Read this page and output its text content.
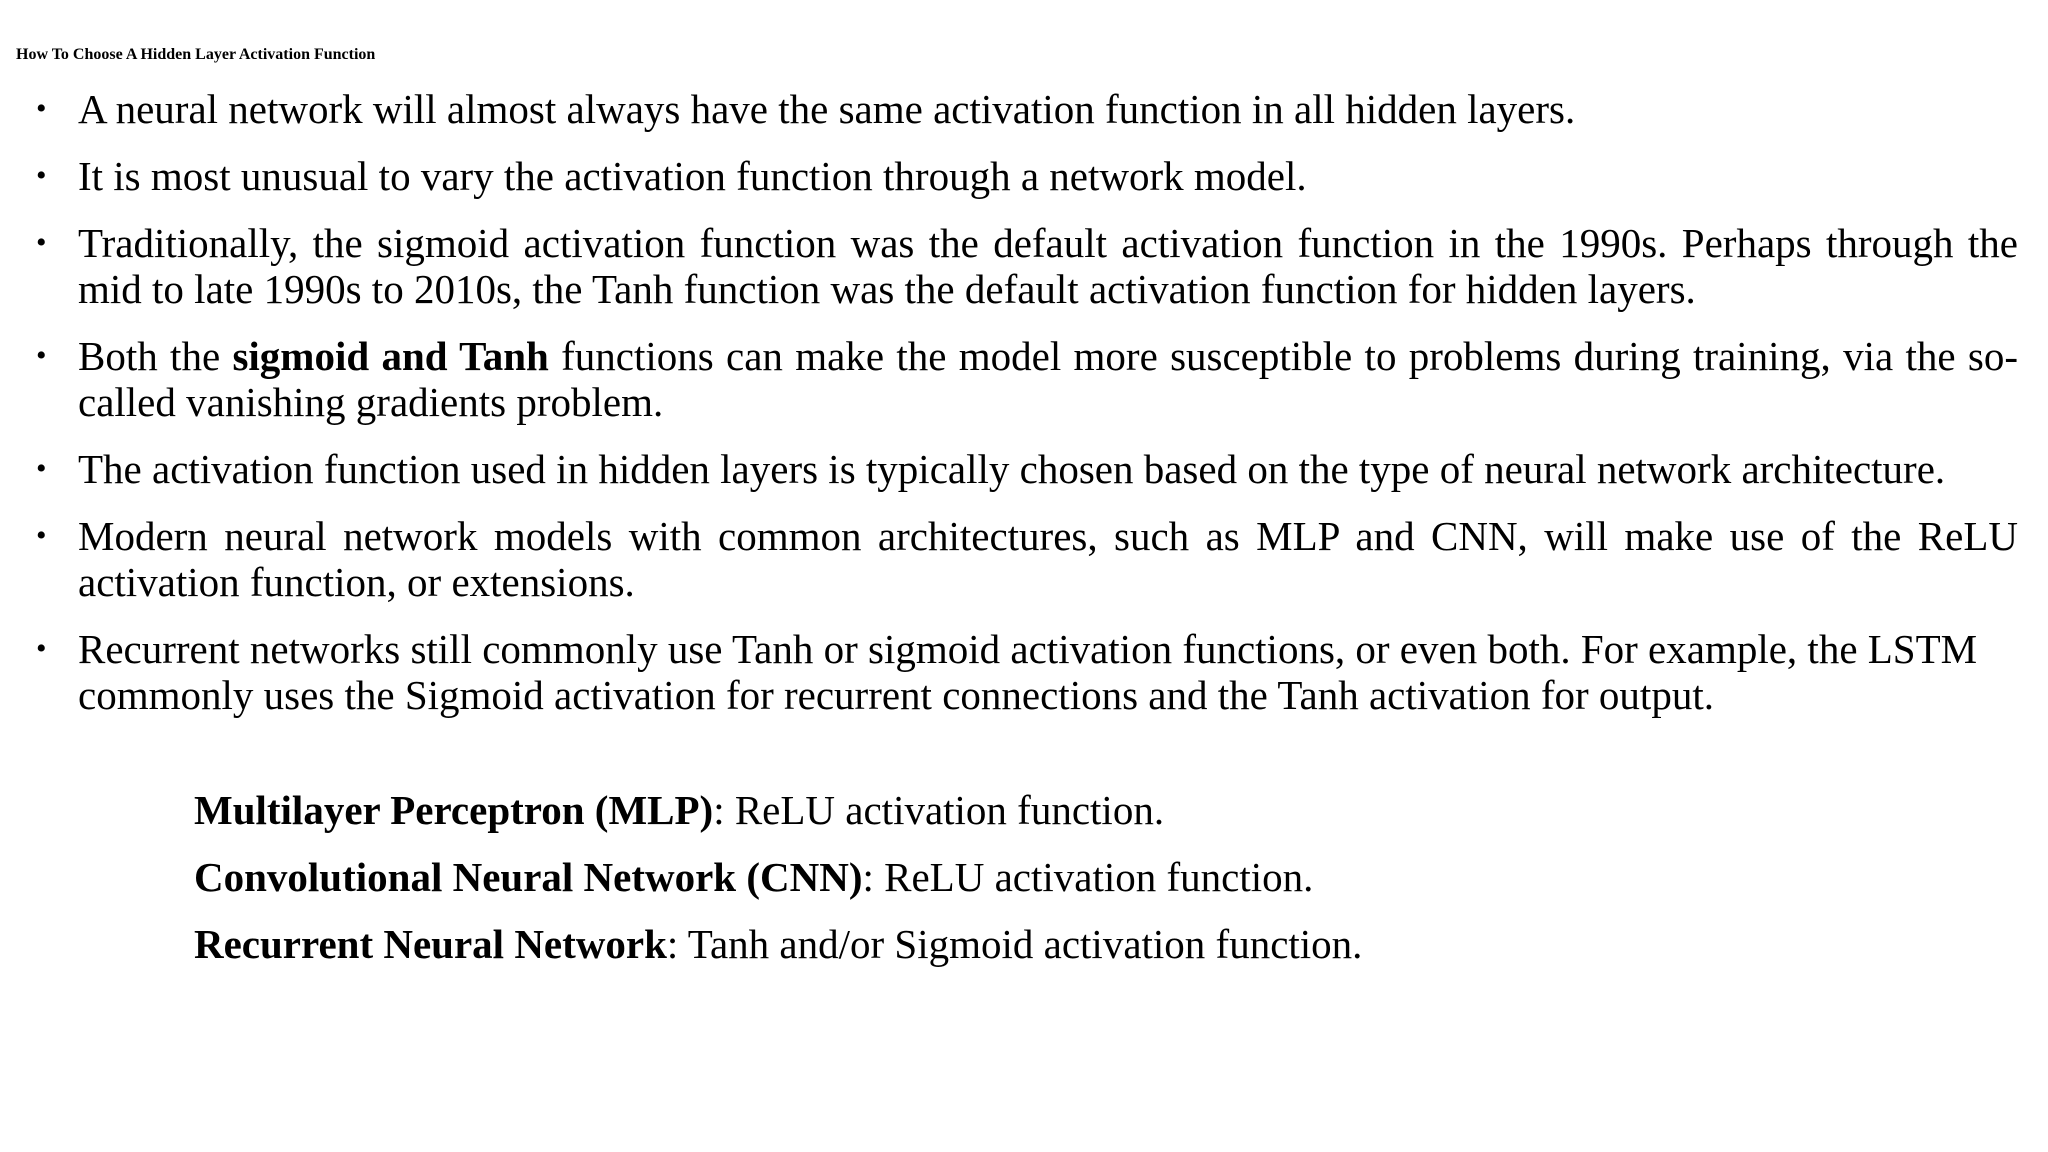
How To Choose A Hidden Layer Activation Function
• A neural network will almost always have the same activation function in all hidden layers.
• It is most unusual to vary the activation function through a network model.
• Traditionally, the sigmoid activation function was the default activation function in the 1990s. Perhaps through the mid to late 1990s to 2010s, the Tanh function was the default activation function for hidden layers.
• Both the sigmoid and Tanh functions can make the model more susceptible to problems during training, via the so-called vanishing gradients problem.
• The activation function used in hidden layers is typically chosen based on the type of neural network architecture.
• Modern neural network models with common architectures, such as MLP and CNN, will make use of the ReLU activation function, or extensions.
• Recurrent networks still commonly use Tanh or sigmoid activation functions, or even both. For example, the LSTM commonly uses the Sigmoid activation for recurrent connections and the Tanh activation for output.
Multilayer Perceptron (MLP): ReLU activation function.
Convolutional Neural Network (CNN): ReLU activation function.
Recurrent Neural Network: Tanh and/or Sigmoid activation function.
